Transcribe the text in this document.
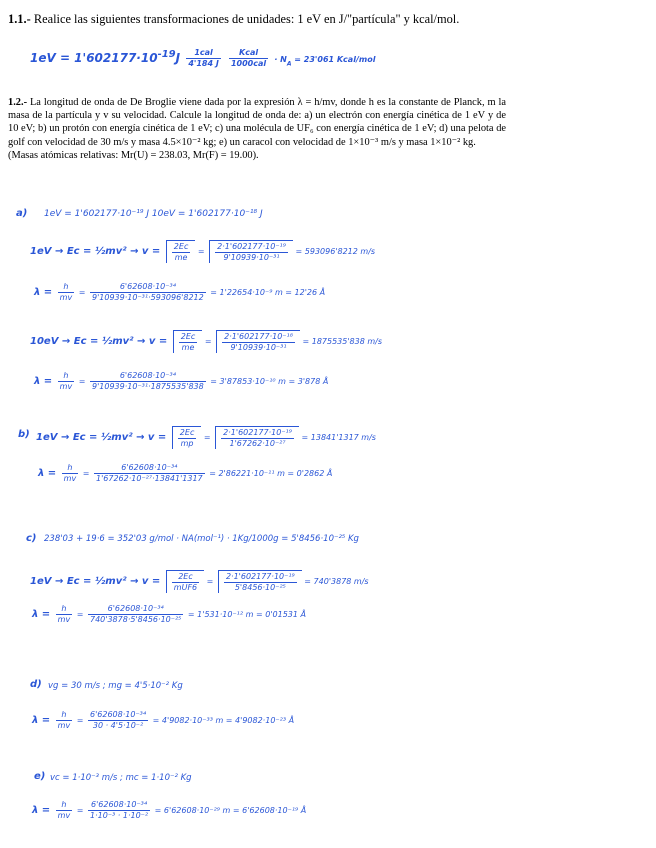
1.1.- Realice las siguientes transformaciones de unidades: 1 eV en J/"partícula" y kcal/mol.
$1eV = 1'602177\cdot 10^{-19}J \frac{\text{1cal}}{4'184 J}$
$\frac{\text{Kcal}}{\text{1000cal}} \cdot N_A = 23'061$ Kcal/mol
1.2.- La longitud de onda de De Broglie viene dada por la expresión λ = h/mv, donde h es la constante de Planck, m la masa de la partícula y v su velocidad. Calcule la longitud de onda de: a) un electrón con energía cinética de 1 eV y de 10 eV; b) un protón con energía cinética de 1 eV; c) una molécula de UF₆ con energía cinética de 1 eV; d) una pelota de golf con velocidad de 30 m/s y masa 4.5×10⁻² kg; e) un caracol con velocidad de 1×10⁻³ m/s y masa 1×10⁻² kg.
(Masas atómicas relativas: Mr(U) = 238.03, Mr(F) = 19.00).
a) 1eV = 1'602177·10⁻¹⁹ J 10eV = 1'602177·10⁻¹⁸ J
1eV → Ec = ½mv² → $v = \frac{2Ec}{me} = \frac{\text{2·1'602177·10⁻¹⁹}}{\text{9'10939·10⁻³¹}} = 593096'8212$ m/s
$\lambda = \frac{h}{mv} = \frac{\text{6'62608·10⁻³⁴}}{\text{9'10939·10⁻³¹·593096'8212}} = 1'22654\cdot 10^{-9}$ m = 12'26 Å
10eV → Ec = ½mv² → $v = \frac{2Ec}{me} = \frac{\text{2·1'602177·10⁻¹⁸}}{\text{9'10939·10⁻³¹}} = 1875535'838$ m/s
$\lambda = \frac{h}{mv} = \frac{\text{6'62608·10⁻³⁴}}{\text{9'10939·10⁻³¹·1875535'838}} = 3'87853\cdot 10^{-10}$ m = 3'878 Å
b) 1eV → Ec = ½mv² → $v = \frac{2Ec}{mp} = \frac{\text{2·1'602177·10⁻¹⁹}}{\text{1'67262·10⁻²⁷}} = 13841'1317$ m/s
$\lambda = \frac{h}{mv} = \frac{\text{6'62608·10⁻³⁴}}{\text{1'67262·10⁻²⁷·13841'1317}} = 2'86221\cdot 10^{-11}$ m = 0'2862 Å
c) 238'03 + 19·6 = 352'03 g/mol · NA(mol⁻¹) · 1Kg/1000g = 5'8456·10⁻²⁵ Kg
1eV → Ec = ½mv² → $v = \frac{2Ec}{\text{mUF6}} = \frac{\text{2·1'602177·10⁻¹⁹}}{\text{5'8456·10⁻²⁵}} = 740'3878$ m/s
$\lambda = \frac{h}{mv} = \frac{\text{6'62608·10⁻³⁴}}{\text{740'3878·5'8456·10⁻²⁵}} = 1'531\cdot 10^{-12}$ m = 0'01531 Å
d) vg = 30 m/s ; mg = 4'5·10⁻² Kg
$\lambda = \frac{h}{mv} = \frac{\text{6'62608·10⁻³⁴}}{\text{30 · 4'5·10⁻²}} = 4'9082\cdot 10^{-33}$ m = 4'9082·10⁻²³ Å
e) vc = 1·10⁻³ m/s ; mc = 1·10⁻² Kg
$\lambda = \frac{h}{mv} = \frac{\text{6'62608·10⁻³⁴}}{\text{1·10⁻³ · 1·10⁻²}} = 6'62608\cdot 10^{-29}$ m = 6'62608·10⁻¹⁹ Å
